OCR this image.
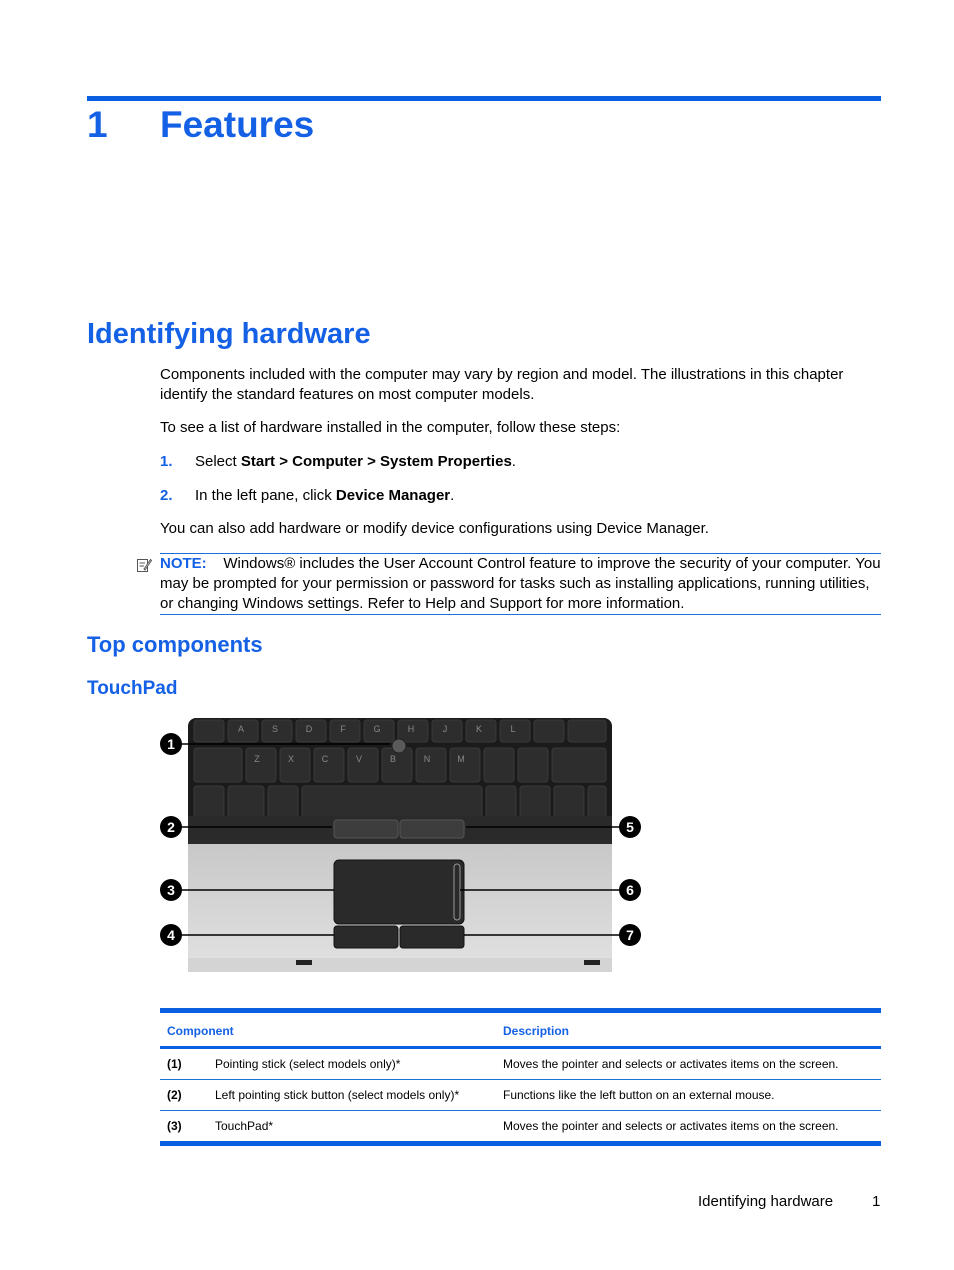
1 Features
Identifying hardware
Components included with the computer may vary by region and model. The illustrations in this chapter identify the standard features on most computer models.
To see a list of hardware installed in the computer, follow these steps:
1. Select Start > Computer > System Properties.
2. In the left pane, click Device Manager.
You can also add hardware or modify device configurations using Device Manager.

NOTE: Windows® includes the User Account Control feature to improve the security of your computer. You may be prompted for your permission or password for tasks such as installing applications, running utilities, or changing Windows settings. Refer to Help and Support for more information.

Top components
TouchPad
A	S	D	F	G	H	J	K	L
Z	X	C	V	B	N	M
1
2
3
4
5
6
7
Component		Description
(1)	Pointing stick (select models only)*	Moves the pointer and selects or activates items on the screen.
(2)	Left pointing stick button (select models only)*	Functions like the left button on an external mouse.
(3)	TouchPad*	Moves the pointer and selects or activates items on the screen.
Identifying hardware	1
